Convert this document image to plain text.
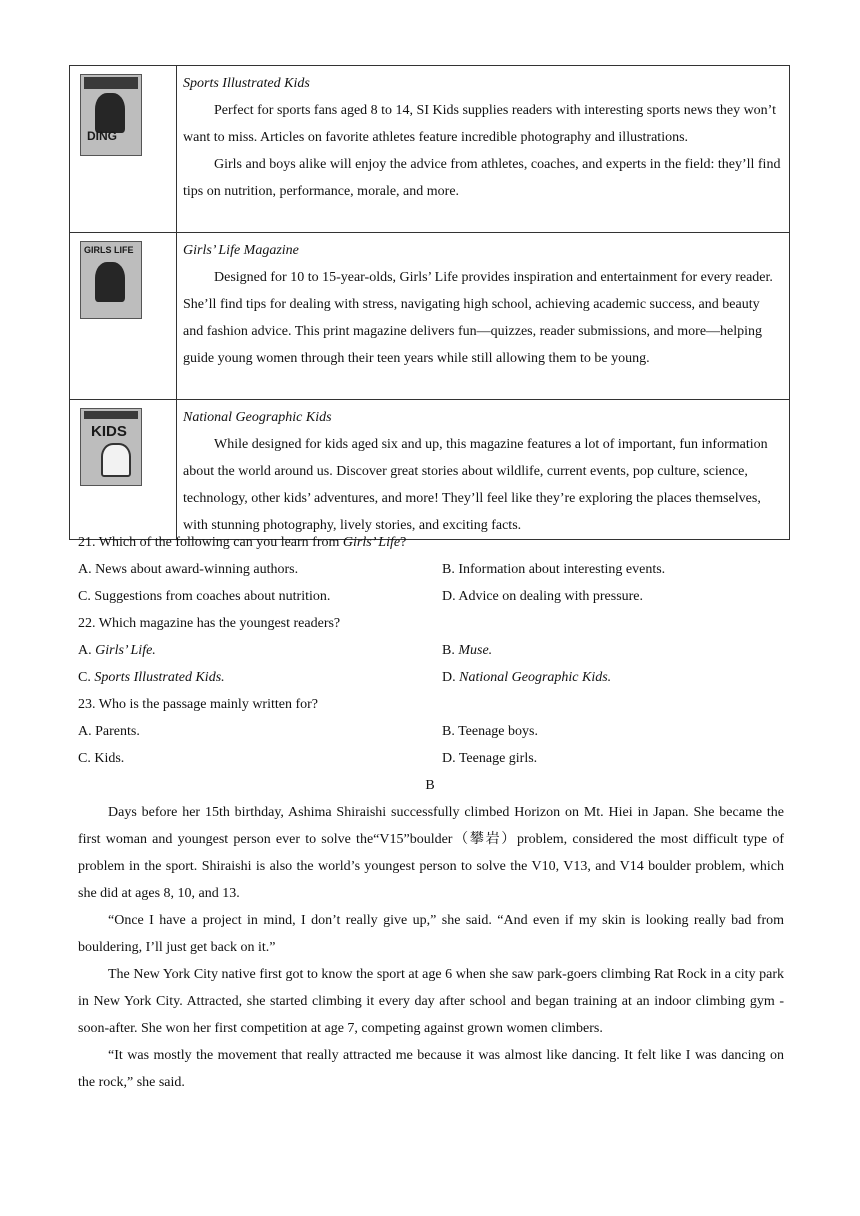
DING	Sports Illustrated Kids

Perfect for sports fans aged 8 to 14, SI Kids supplies readers with interesting sports news they won’t want to miss. Articles on favorite athletes feature incredible photography and illustrations.

Girls and boys alike will enjoy the advice from athletes, coaches, and experts in the field: they’ll find tips on nutrition, performance, morale, and more.

GIRLS LIFE	Girls’ Life Magazine

Designed for 10 to 15-year-olds, Girls’ Life provides inspiration and entertainment for every reader. She’ll find tips for dealing with stress, navigating high school, achieving academic success, and beauty and fashion advice. This print magazine delivers fun—quizzes, reader submissions, and more—helping guide young women through their teen years while still allowing them to be young.

KIDS	National Geographic Kids

While designed for kids aged six and up, this magazine features a lot of important, fun information about the world around us. Discover great stories about wildlife, current events, pop culture, science, technology, other kids’ adventures, and more! They’ll feel like they’re exploring the places themselves, with stunning photography, lively stories, and exciting facts.

21. Which of the following can you learn from Girls’ Life?
A. News about award-winning authors.	B. Information about interesting events.
C. Suggestions from coaches about nutrition.	D. Advice on dealing with pressure.
22. Which magazine has the youngest readers?
A. Girls’ Life.	B. Muse.
C. Sports Illustrated Kids.	D. National Geographic Kids.
23. Who is the passage mainly written for?
A. Parents.	B. Teenage boys.
C. Kids.	D. Teenage girls.
B

Days before her 15th birthday, Ashima Shiraishi successfully climbed Horizon on Mt. Hiei in Japan. She became the first woman and youngest person ever to solve the“V15”boulder（攀岩）problem, considered the most difficult type of problem in the sport. Shiraishi is also the world’s youngest person to solve the V10, V13, and V14 boulder problem, which she did at ages 8, 10, and 13.

“Once I have a project in mind, I don’t really give up,” she said. “And even if my skin is looking really bad from bouldering, I’ll just get back on it.”

The New York City native first got to know the sport at age 6 when she saw park-goers climbing Rat Rock in a city park in New York City. Attracted, she started climbing it every day after school and began training at an indoor climbing gym -soon-after. She won her first competition at age 7, competing against grown women climbers.

“It was mostly the movement that really attracted me because it was almost like dancing. It felt like I was dancing on the rock,” she said.
